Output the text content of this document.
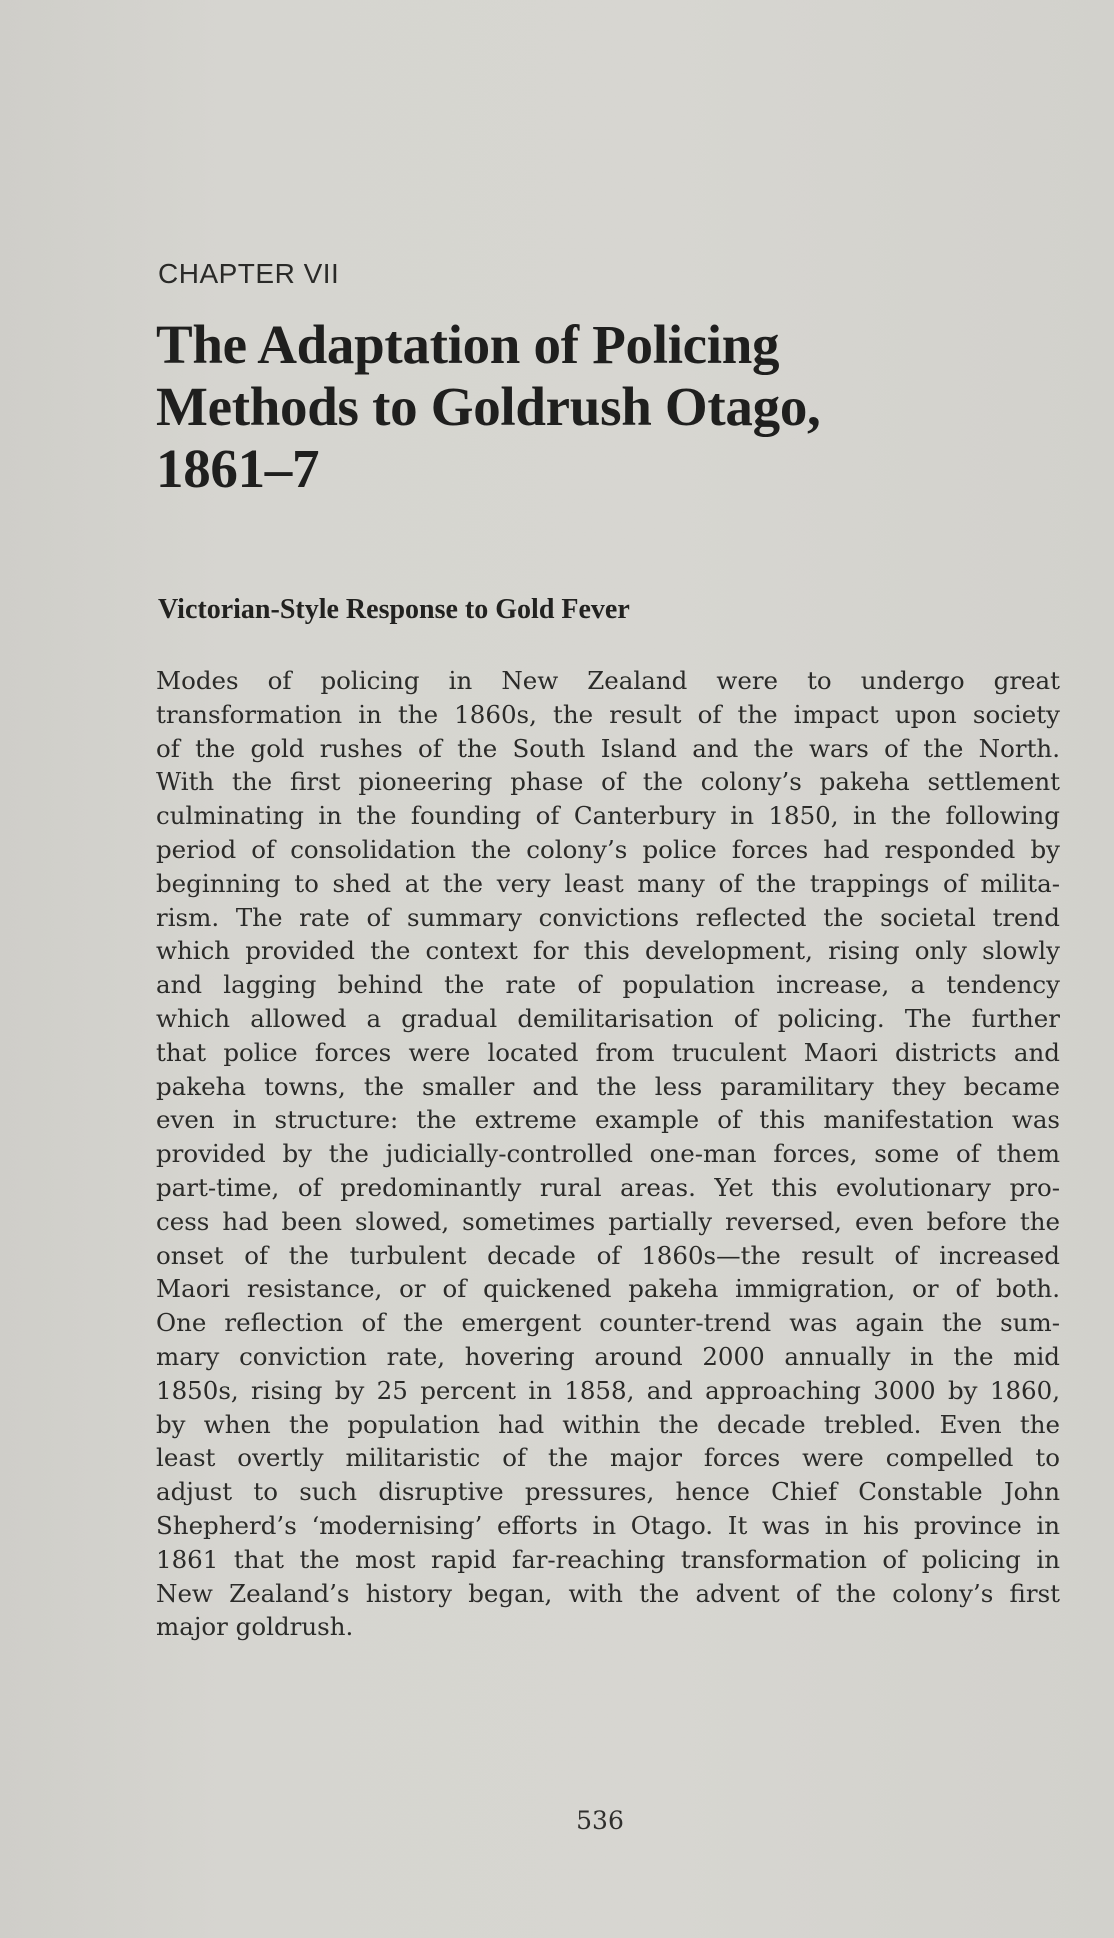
CHAPTER VII
The Adaptation of Policing
Methods to Goldrush Otago,
1861–7
Victorian-Style Response to Gold Fever
Modes of policing in New Zealand were to undergo great
transformation in the 1860s, the result of the impact upon society
of the gold rushes of the South Island and the wars of the North.
With the first pioneering phase of the colony’s pakeha settlement
culminating in the founding of Canterbury in 1850, in the following
period of consolidation the colony’s police forces had responded by
beginning to shed at the very least many of the trappings of milita-
rism. The rate of summary convictions reflected the societal trend
which provided the context for this development, rising only slowly
and lagging behind the rate of population increase, a tendency
which allowed a gradual demilitarisation of policing. The further
that police forces were located from truculent Maori districts and
pakeha towns, the smaller and the less paramilitary they became
even in structure: the extreme example of this manifestation was
provided by the judicially-controlled one-man forces, some of them
part-time, of predominantly rural areas. Yet this evolutionary pro-
cess had been slowed, sometimes partially reversed, even before the
onset of the turbulent decade of 1860s—the result of increased
Maori resistance, or of quickened pakeha immigration, or of both.
One reflection of the emergent counter-trend was again the sum-
mary conviction rate, hovering around 2000 annually in the mid
1850s, rising by 25 percent in 1858, and approaching 3000 by 1860,
by when the population had within the decade trebled. Even the
least overtly militaristic of the major forces were compelled to
adjust to such disruptive pressures, hence Chief Constable John
Shepherd’s ‘modernising’ efforts in Otago. It was in his province in
1861 that the most rapid far-reaching transformation of policing in
New Zealand’s history began, with the advent of the colony’s first
major goldrush.
536
